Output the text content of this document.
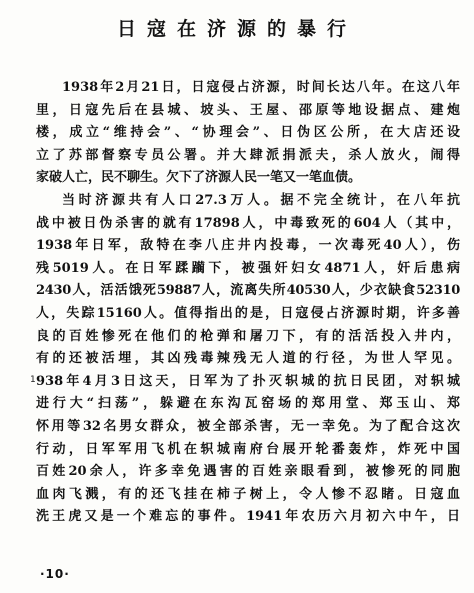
日寇在济源的暴行
1938年2月21日，日寇侵占济源，时间长达八年。在这八年
里，日寇先后在县城、坡头、王屋、邵原等地设据点、建炮
楼，成立“维持会”、“协理会”、日伪区公所，在大店还设
立了苏部督察专员公署。并大肆派捐派夫，杀人放火，闹得
家破人亡，民不聊生。欠下了济源人民一笔又一笔血债。
当时济源共有人口27.3万人。据不完全统计，在八年抗
战中被日伪杀害的就有17898人，中毒致死的604人（其中，
1938年日军，敌特在李八庄井内投毒，一次毒死40人），伤
残5019人。在日军蹂躏下，被强奸妇女4871人，奸后患病
2430人，活活饿死59887人，流离失所40530人，少衣缺食52310
人，失踪15160人。值得指出的是，日寇侵占济源时期，许多善
良的百姓惨死在他们的枪弹和屠刀下，有的活活投入井内，
有的还被活埋，其凶残毒辣残无人道的行径，为世人罕见。
938年4月3日这天，日军为了扑灭轵城的抗日民团，对轵城
进行大“扫荡”，躲避在东沟瓦窑场的郑用堂、郑玉山、郑
怀用等32名男女群众，被全部杀害，无一幸免。为了配合这次
行动，日军军用飞机在轵城南府台展开轮番轰炸，炸死中国
百姓20余人，许多幸免遇害的百姓亲眼看到，被惨死的同胞
血肉飞溅，有的还飞挂在柿子树上，令人惨不忍睹。日寇血
洗王虎又是一个难忘的事件。1941年农历六月初六中午，日
1
·10·
